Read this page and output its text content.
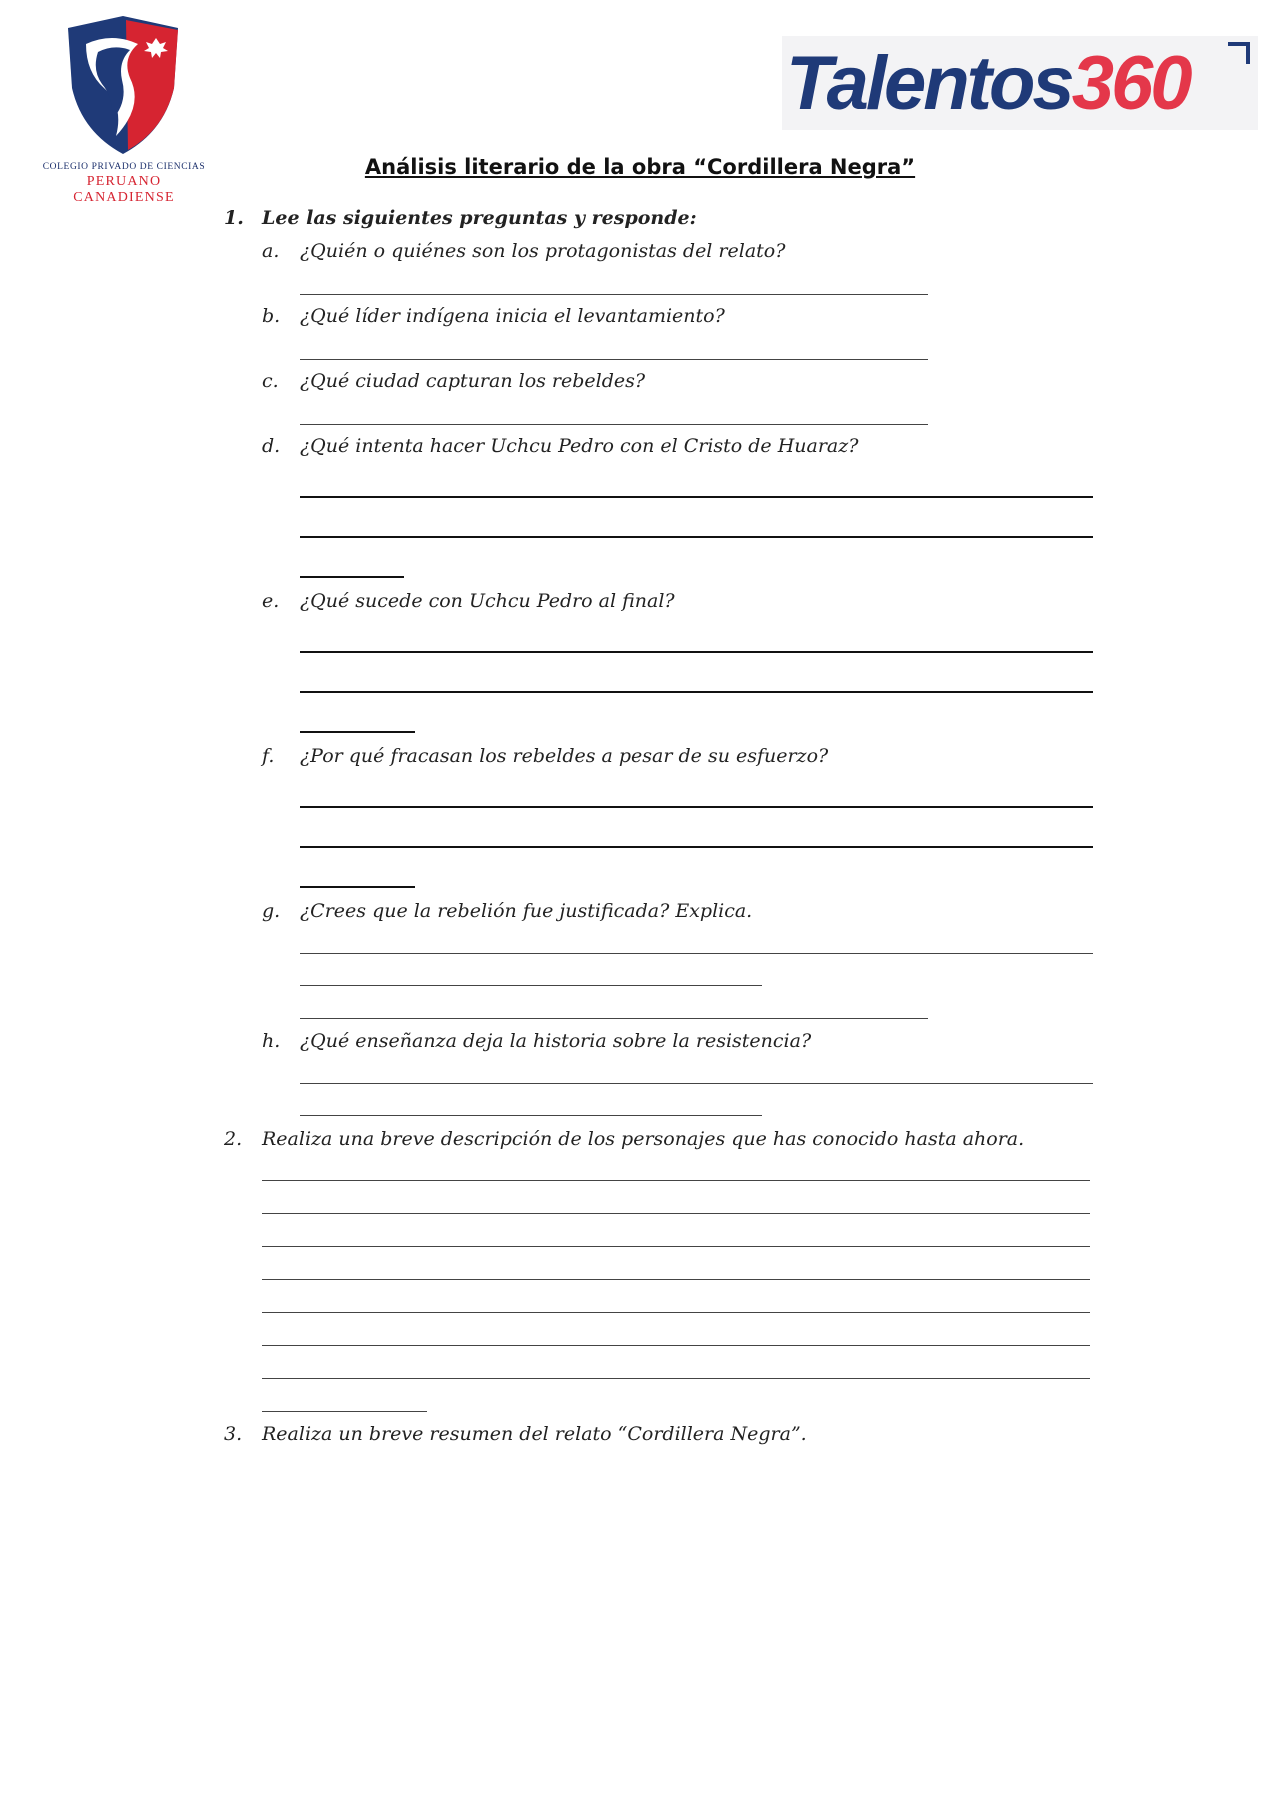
COLEGIO PRIVADO DE CIENCIAS
PERUANO CANADIENSE
Talentos360
Análisis literario de la obra “Cordillera Negra”
1. Lee las siguientes preguntas y responde:
a. ¿Quién o quiénes son los protagonistas del relato?
b. ¿Qué líder indígena inicia el levantamiento?
c. ¿Qué ciudad capturan los rebeldes?
d. ¿Qué intenta hacer Uchcu Pedro con el Cristo de Huaraz?
e. ¿Qué sucede con Uchcu Pedro al final?
f. ¿Por qué fracasan los rebeldes a pesar de su esfuerzo?
g. ¿Crees que la rebelión fue justificada? Explica.
h. ¿Qué enseñanza deja la historia sobre la resistencia?
2. Realiza una breve descripción de los personajes que has conocido hasta ahora.
3. Realiza un breve resumen del relato “Cordillera Negra”.
